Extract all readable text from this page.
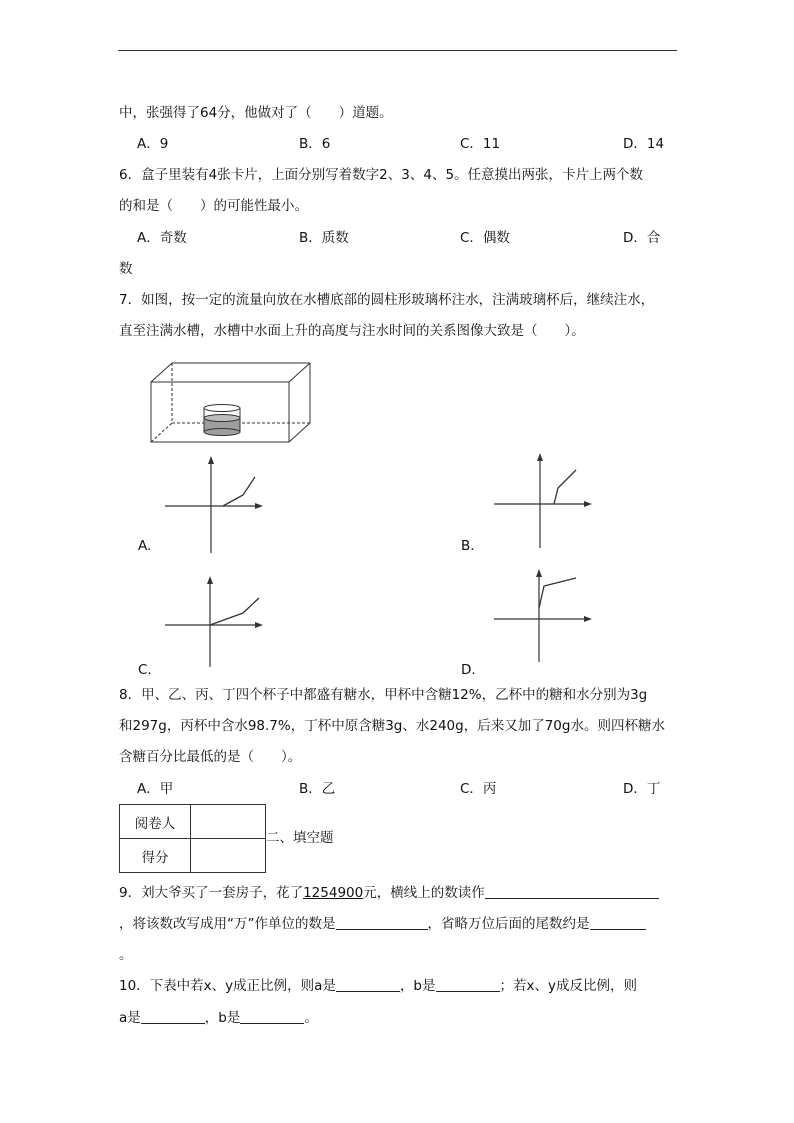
中，张强得了64分，他做对了（　　）道题。
A．9	B．6	C．11	D．14
6．盒子里装有4张卡片，上面分别写着数字2、3、4、5。任意摸出两张，卡片上两个数
的和是（　　）的可能性最小。
A．奇数	B．质数	C．偶数	D．合
数
7．如图，按一定的流量向放在水槽底部的圆柱形玻璃杯注水，注满玻璃杯后，继续注水，
直至注满水槽，水槽中水面上升的高度与注水时间的关系图像大致是（　　）。
A.	B.
C.	D.
8．甲、乙、丙、丁四个杯子中都盛有糖水，甲杯中含糖12%，乙杯中的糖和水分别为3g
和297g，丙杯中含水98.7%，丁杯中原含糖3g、水240g，后来又加了70g水。则四杯糖水
含糖百分比最低的是（　　）。
A．甲	B．乙	C．丙	D．丁
阅卷人	
得分	
二、填空题
9．刘大爷买了一套房子，花了1254900元，横线上的数读作
，将该数改写成用“万”作单位的数是	，省略万位后面的尾数约是
。
10．下表中若x、y成正比例，则a是	，b是	；若x、y成反比例，则
a是	，b是	。
